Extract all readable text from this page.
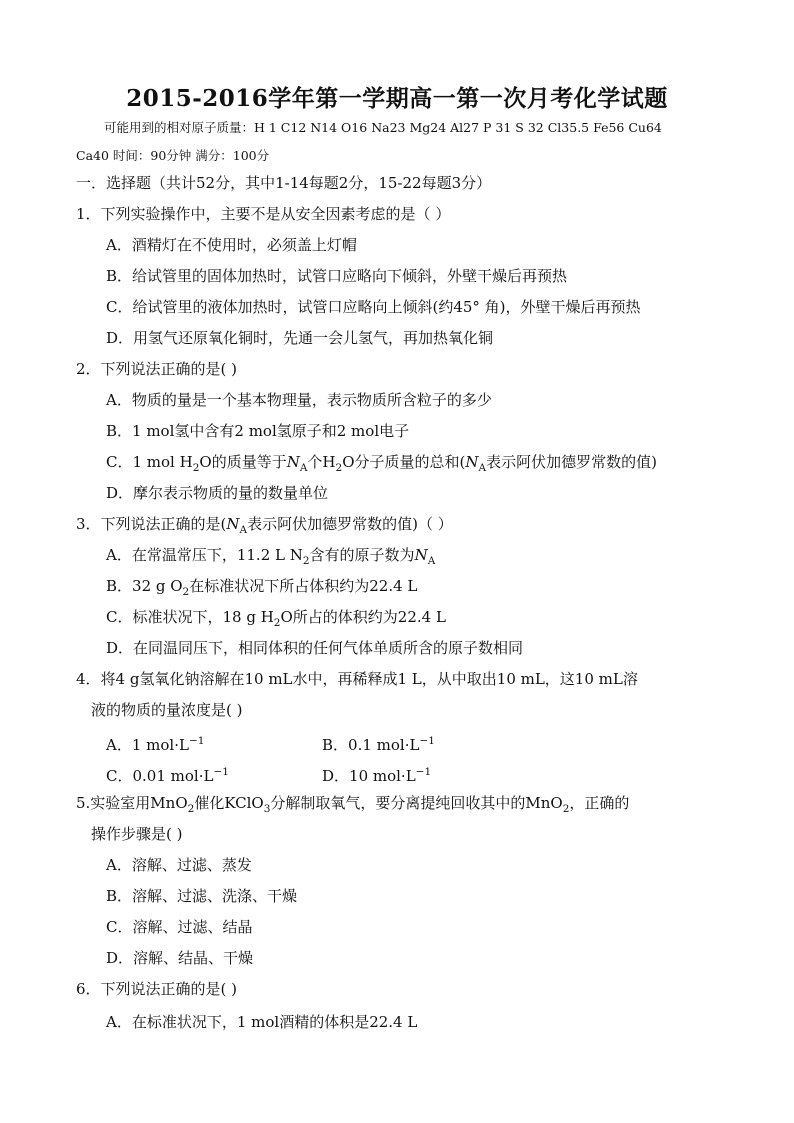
2015-2016学年第一学期高一第一次月考化学试题
可能用到的相对原子质量：H 1 C12 N14 O16 Na23 Mg24 Al27 P 31 S 32 Cl35.5 Fe56 Cu64
Ca40 时间：90分钟 满分：100分
一．选择题（共计52分，其中1-14每题2分，15-22每题3分）
1．下列实验操作中，主要不是从安全因素考虑的是（ ）
A．酒精灯在不使用时，必须盖上灯帽
B．给试管里的固体加热时，试管口应略向下倾斜，外壁干燥后再预热
C．给试管里的液体加热时，试管口应略向上倾斜(约45° 角)，外壁干燥后再预热
D．用氢气还原氧化铜时，先通一会儿氢气，再加热氧化铜
2．下列说法正确的是( )
A．物质的量是一个基本物理量，表示物质所含粒子的多少
B．1 mol氢中含有2 mol氢原子和2 mol电子
C．1 mol $H_2O$的质量等于$N_A$个$H_2O$分子质量的总和($N_A$表示阿伏加德罗常数的值)
D．摩尔表示物质的量的数量单位
3．下列说法正确的是($N_A$表示阿伏加德罗常数的值)（ ）
A．在常温常压下，11.2 L $N_2$含有的原子数为$N_A$
B．32 g $O_2$在标准状况下所占体积约为22.4 L
C．标准状况下，18 g $H_2O$所占的体积约为22.4 L
D．在同温同压下，相同体积的任何气体单质所含的原子数相同
4．将4 g氢氧化钠溶解在10 mL水中，再稀释成1 L，从中取出10 mL，这10 mL溶
液的物质的量浓度是( )
A．1 $mol\cdot L^{-1}$	B．0.1 $mol\cdot L^{-1}$
C．0.01 $mol\cdot L^{-1}$	D．10 $mol\cdot L^{-1}$
5.实验室用MnO$_2$催化KClO$_3$分解制取氧气，要分离提纯回收其中的MnO$_2$，正确的
操作步骤是( )
A．溶解、过滤、蒸发
B．溶解、过滤、洗涤、干燥
C．溶解、过滤、结晶
D．溶解、结晶、干燥
6．下列说法正确的是( )
A．在标准状况下，1 mol酒精的体积是22.4 L
